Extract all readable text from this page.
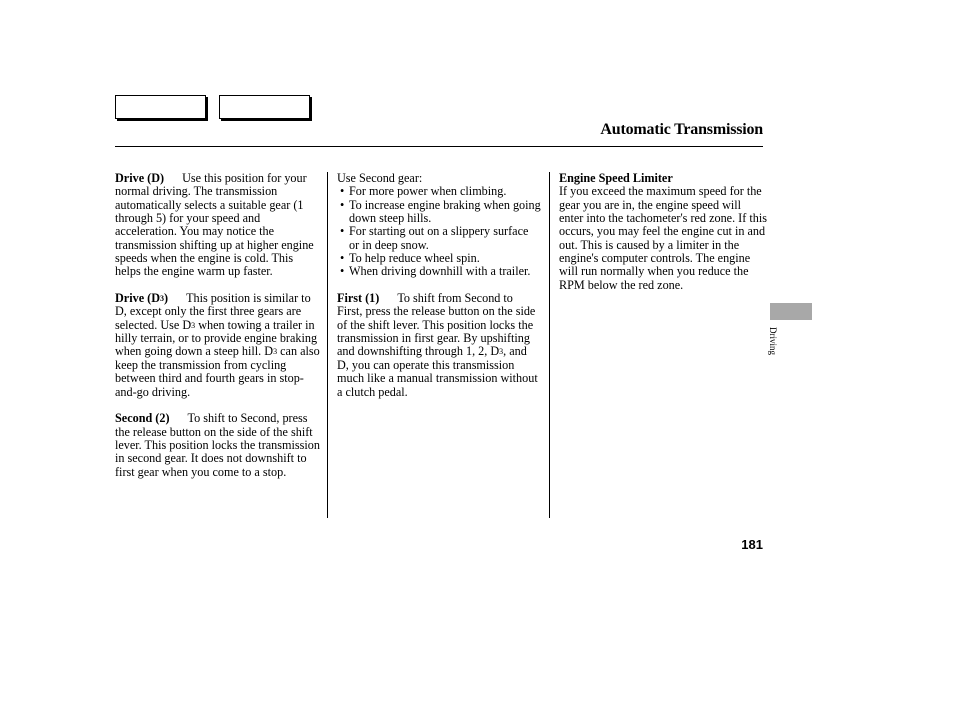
Automatic Transmission

Drive (D) Use this position for your normal driving. The transmission automatically selects a suitable gear (1 through 5) for your speed and acceleration. You may notice the transmission shifting up at higher engine speeds when the engine is cold. This helps the engine warm up faster.

Drive (D3) This position is similar to D, except only the first three gears are selected. Use D3 when towing a trailer in hilly terrain, or to provide engine braking when going down a steep hill. D3 can also keep the transmission from cycling between third and fourth gears in stop-and-go driving.

Second (2) To shift to Second, press the release button on the side of the shift lever. This position locks the transmission in second gear. It does not downshift to first gear when you come to a stop.

Use Second gear:
• For more power when climbing.
• To increase engine braking when going down steep hills.
• For starting out on a slippery surface or in deep snow.
• To help reduce wheel spin.
• When driving downhill with a trailer.

First (1) To shift from Second to First, press the release button on the side of the shift lever. This position locks the transmission in first gear. By upshifting and downshifting through 1, 2, D3, and D, you can operate this transmission much like a manual transmission without a clutch pedal.

Engine Speed Limiter
If you exceed the maximum speed for the gear you are in, the engine speed will enter into the tachometer's red zone. If this occurs, you may feel the engine cut in and out. This is caused by a limiter in the engine's computer controls. The engine will run normally when you reduce the RPM below the red zone.
Driving
181
